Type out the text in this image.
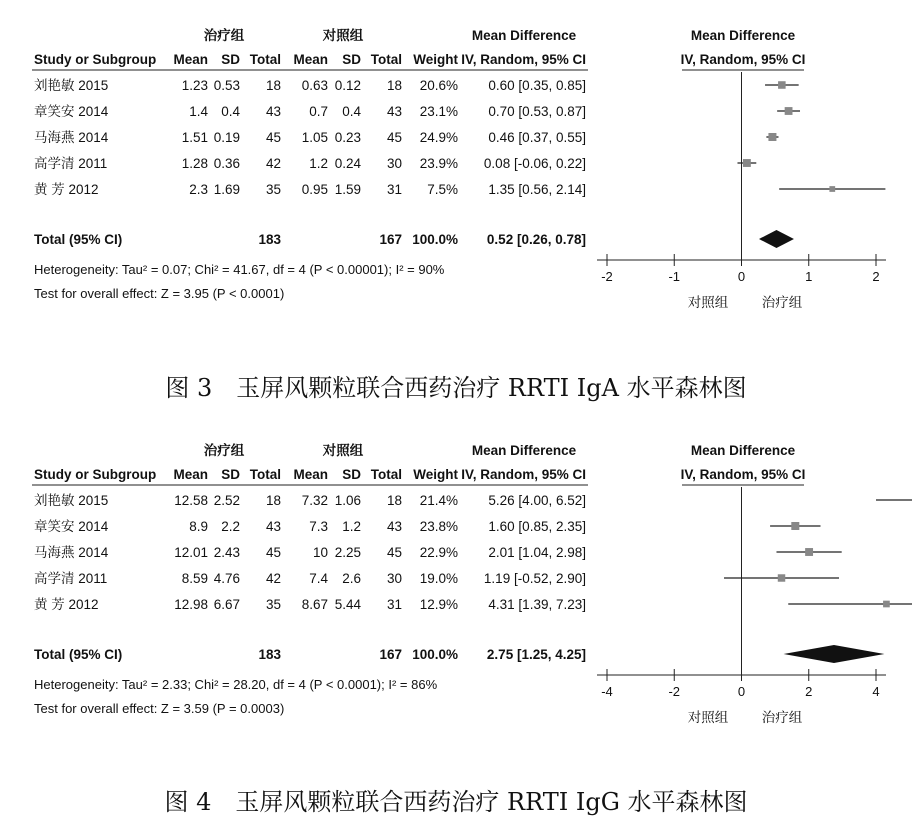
治疗组	对照组	Mean Difference	Mean Difference
Study or Subgroup Mean SD Total Mean SD Total Weight IV, Random, 95% CI	IV, Random, 95% CI
刘艳敏 2015	1.23 0.53 18 0.63 0.12 18 20.6% 0.60 [0.35, 0.85]
章笑安 2014	1.4 0.4 43 0.7 0.4 43 23.1% 0.70 [0.53, 0.87]
马海燕 2014	1.51 0.19 45 1.05 0.23 45 24.9% 0.46 [0.37, 0.55]
高学清 2011	1.28 0.36 42 1.2 0.24 30 23.9% 0.08 [-0.06, 0.22]
黄 芳 2012	2.3 1.69 35 0.95 1.59 31 7.5% 1.35 [0.56, 2.14]
Total (95% CI)	183	167 100.0% 0.52 [0.26, 0.78]
-2	-1	0	1	2
对照组 治疗组
Heterogeneity: Tau² = 0.07; Chi² = 41.67, df = 4 (P < 0.00001); I² = 90%
Test for overall effect: Z = 3.95 (P < 0.0001)
图 3　玉屏风颗粒联合西药治疗 RRTI IgA 水平森林图
治疗组	对照组	Mean Difference	Mean Difference
Study or Subgroup Mean SD Total Mean SD Total Weight IV, Random, 95% CI	IV, Random, 95% CI
刘艳敏 2015	12.58 2.52 18 7.32 1.06 18 21.4% 5.26 [4.00, 6.52]
章笑安 2014	8.9 2.2 43 7.3 1.2 43 23.8% 1.60 [0.85, 2.35]
马海燕 2014	12.01 2.43 45 10 2.25 45 22.9% 2.01 [1.04, 2.98]
高学清 2011	8.59 4.76 42 7.4 2.6 30 19.0% 1.19 [-0.52, 2.90]
黄 芳 2012	12.98 6.67 35 8.67 5.44 31 12.9% 4.31 [1.39, 7.23]
Total (95% CI)	183	167 100.0% 2.75 [1.25, 4.25]
-4	-2	0	2	4
对照组 治疗组
Heterogeneity: Tau² = 2.33; Chi² = 28.20, df = 4 (P < 0.0001); I² = 86%
Test for overall effect: Z = 3.59 (P = 0.0003)
图 4　玉屏风颗粒联合西药治疗 RRTI IgG 水平森林图
